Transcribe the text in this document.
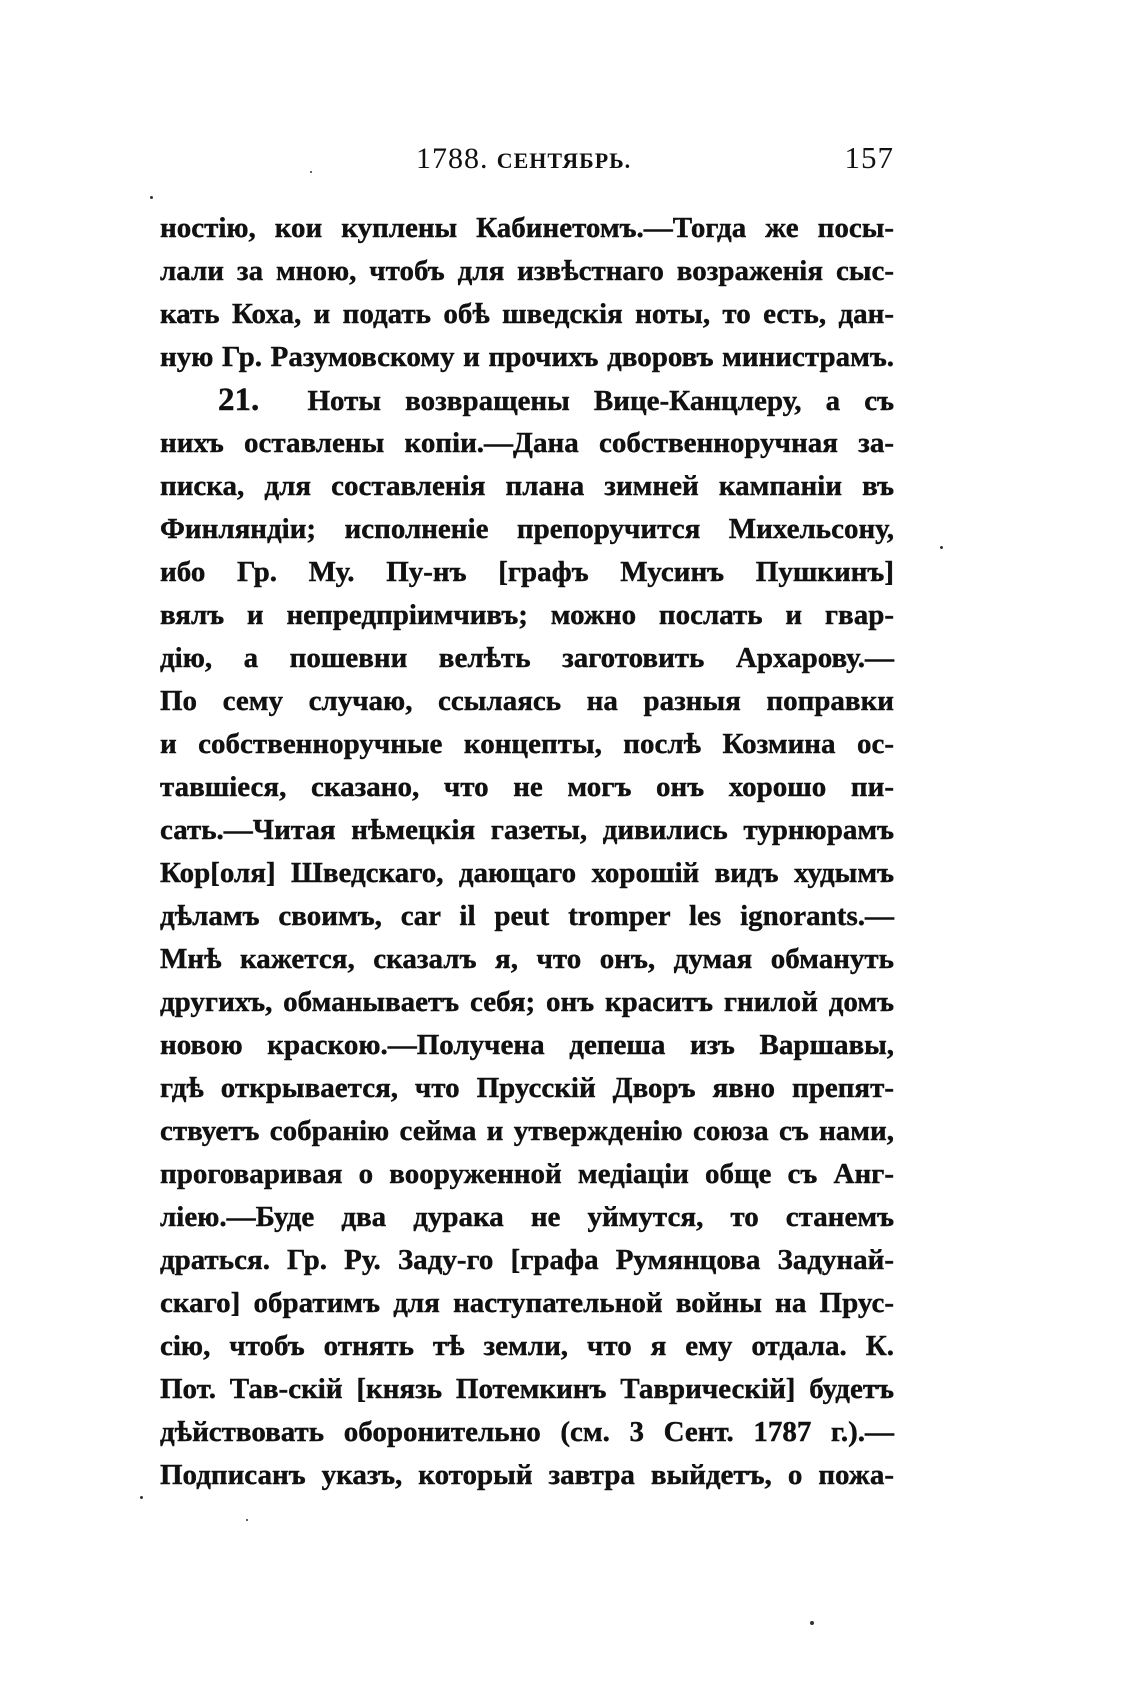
1788. СЕНТЯБРЬ.	157
ностію, кои куплены Кабинетомъ.—Тогда же посы-
лали за мною, чтобъ для извѣстнаго возраженія сыс-
кать Коха, и подать обѣ шведскія ноты, то есть, дан-
ную Гр. Разумовскому и прочихъ дворовъ министрамъ.
21. Ноты возвращены Вице-Канцлеру, а съ
нихъ оставлены копіи.—Дана собственноручная за-
писка, для составленія плана зимней кампаніи въ
Финляндіи; исполненіе препоручится Михельсону,
ибо Гр. Му. Пу-нъ [графъ Мусинъ Пушкинъ]
вялъ и непредпріимчивъ; можно послать и гвар-
дію, а пошевни велѣть заготовить Архарову.—
По сему случаю, ссылаясь на разныя поправки
и собственноручные концепты, послѣ Козмина ос-
тавшіеся, сказано, что не могъ онъ хорошо пи-
сать.—Читая нѣмецкія газеты, дивились турнюрамъ
Кор[оля] Шведскаго, дающаго хорошій видъ худымъ
дѣламъ своимъ, car il peut tromper les ignorants.—
Мнѣ кажется, сказалъ я, что онъ, думая обмануть
другихъ, обманываетъ себя; онъ краситъ гнилой домъ
новою краскою.—Получена депеша изъ Варшавы,
гдѣ открывается, что Прусскій Дворъ явно препят-
ствуетъ собранію сейма и утвержденію союза съ нами,
проговаривая о вооруженной медіаціи обще съ Анг-
ліею.—Буде два дурака не уймутся, то станемъ
драться. Гр. Ру. Заду-го [графа Румянцова Задунай-
скаго] обратимъ для наступательной войны на Прус-
сію, чтобъ отнять тѣ земли, что я ему отдала. К.
Пот. Тав-скій [князь Потемкинъ Таврическій] будетъ
дѣйствовать оборонительно (см. 3 Сент. 1787 г.).—
Подписанъ указъ, который завтра выйдетъ, о пожа-
